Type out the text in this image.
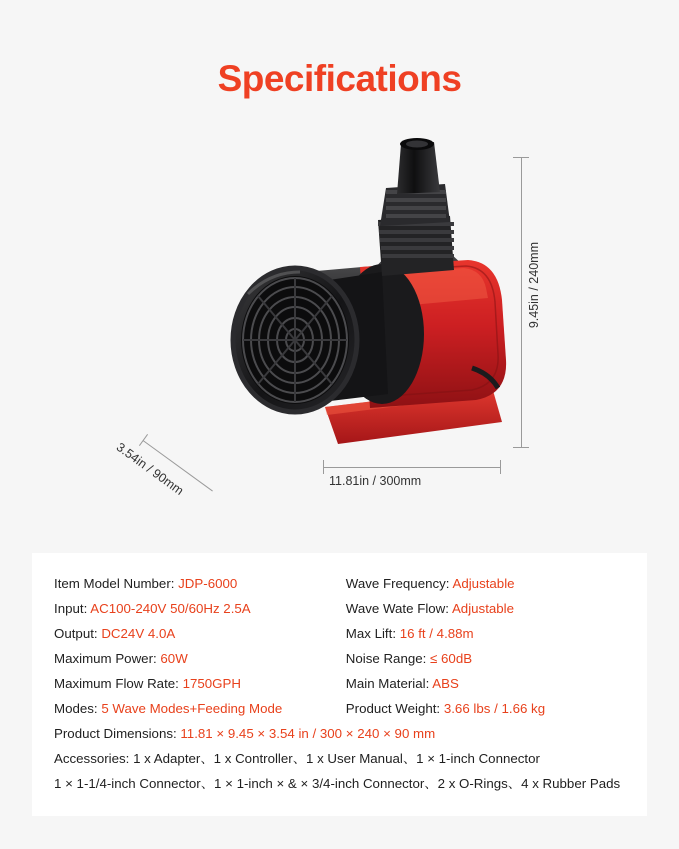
Specifications
9.45in / 240mm
11.81in / 300mm
3.54in / 90mm
Item Model Number: JDP-6000
Input: AC100-240V 50/60Hz 2.5A
Output: DC24V 4.0A
Maximum Power: 60W
Maximum Flow Rate: 1750GPH
Modes: 5 Wave Modes+Feeding Mode
Wave Frequency: Adjustable
Wave Wate Flow: Adjustable
Max Lift: 16 ft / 4.88m
Noise Range: ≤ 60dB
Main Material: ABS
Product Weight: 3.66 lbs / 1.66 kg
Product Dimensions: 11.81 × 9.45 × 3.54 in / 300 × 240 × 90 mm
Accessories: 1 x Adapter、1 x Controller、1 x User Manual、1 × 1-inch Connector
1 × 1-1/4-inch Connector、1 × 1-inch × & × 3/4-inch Connector、2 x O-Rings、4 x Rubber Pads
